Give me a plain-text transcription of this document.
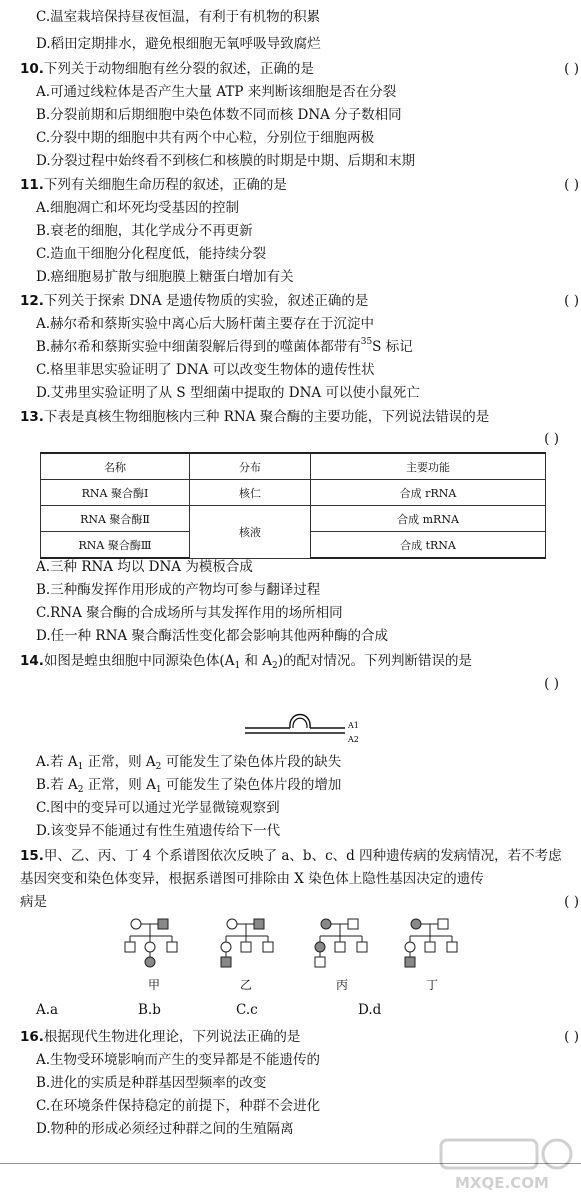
C.温室栽培保持昼夜恒温，有利于有机物的积累
D.稻田定期排水，避免根细胞无氧呼吸导致腐烂
10.下列关于动物细胞有丝分裂的叙述，正确的是	( )
A.可通过线粒体是否产生大量 ATP 来判断该细胞是否在分裂
B.分裂前期和后期细胞中染色体数不同而核 DNA 分子数相同
C.分裂中期的细胞中共有两个中心粒，分别位于细胞两极
D.分裂过程中始终看不到核仁和核膜的时期是中期、后期和末期
11.下列有关细胞生命历程的叙述，正确的是	( )
A.细胞凋亡和坏死均受基因的控制
B.衰老的细胞，其化学成分不再更新
C.造血干细胞分化程度低，能持续分裂
D.癌细胞易扩散与细胞膜上糖蛋白增加有关
12.下列关于探索 DNA 是遗传物质的实验，叙述正确的是	( )
A.赫尔希和蔡斯实验中离心后大肠杆菌主要存在于沉淀中
B.赫尔希和蔡斯实验中细菌裂解后得到的噬菌体都带有$^{35}$S 标记
C.格里菲思实验证明了 DNA 可以改变生物体的遗传性状
D.艾弗里实验证明了从 S 型细菌中提取的 DNA 可以使小鼠死亡
13.下表是真核生物细胞核内三种 RNA 聚合酶的主要功能，下列说法错误的是
( )
名称	分布	主要功能
RNA 聚合酶Ⅰ	核仁	合成 rRNA
RNA 聚合酶Ⅱ	核液	合成 mRNA
RNA 聚合酶Ⅲ		合成 tRNA
A.三种 RNA 均以 DNA 为模板合成
B.三种酶发挥作用形成的产物均可参与翻译过程
C.RNA 聚合酶的合成场所与其发挥作用的场所相同
D.任一种 RNA 聚合酶活性变化都会影响其他两种酶的合成
14.如图是蝗虫细胞中同源染色体(A1 和 A2)的配对情况。下列判断错误的是
( )
A1
A2
A.若 A1 正常，则 A2 可能发生了染色体片段的缺失
B.若 A2 正常，则 A1 可能发生了染色体片段的增加
C.图中的变异可以通过光学显微镜观察到
D.该变异不能通过有性生殖遗传给下一代
15.甲、乙、丙、丁 4 个系谱图依次反映了 a、b、c、d 四种遗传病的发病情况，若不考虑
基因突变和染色体变异，根据系谱图可排除由 X 染色体上隐性基因决定的遗传
病是	( )
甲	乙	丙	丁
A.a	B.b	C.c	D.d
16.根据现代生物进化理论，下列说法正确的是	( )
A.生物受环境影响而产生的变异都是不能遗传的
B.进化的实质是种群基因型频率的改变
C.在环境条件保持稳定的前提下，种群不会进化
D.物种的形成必须经过种群之间的生殖隔离
MXQE.COM
